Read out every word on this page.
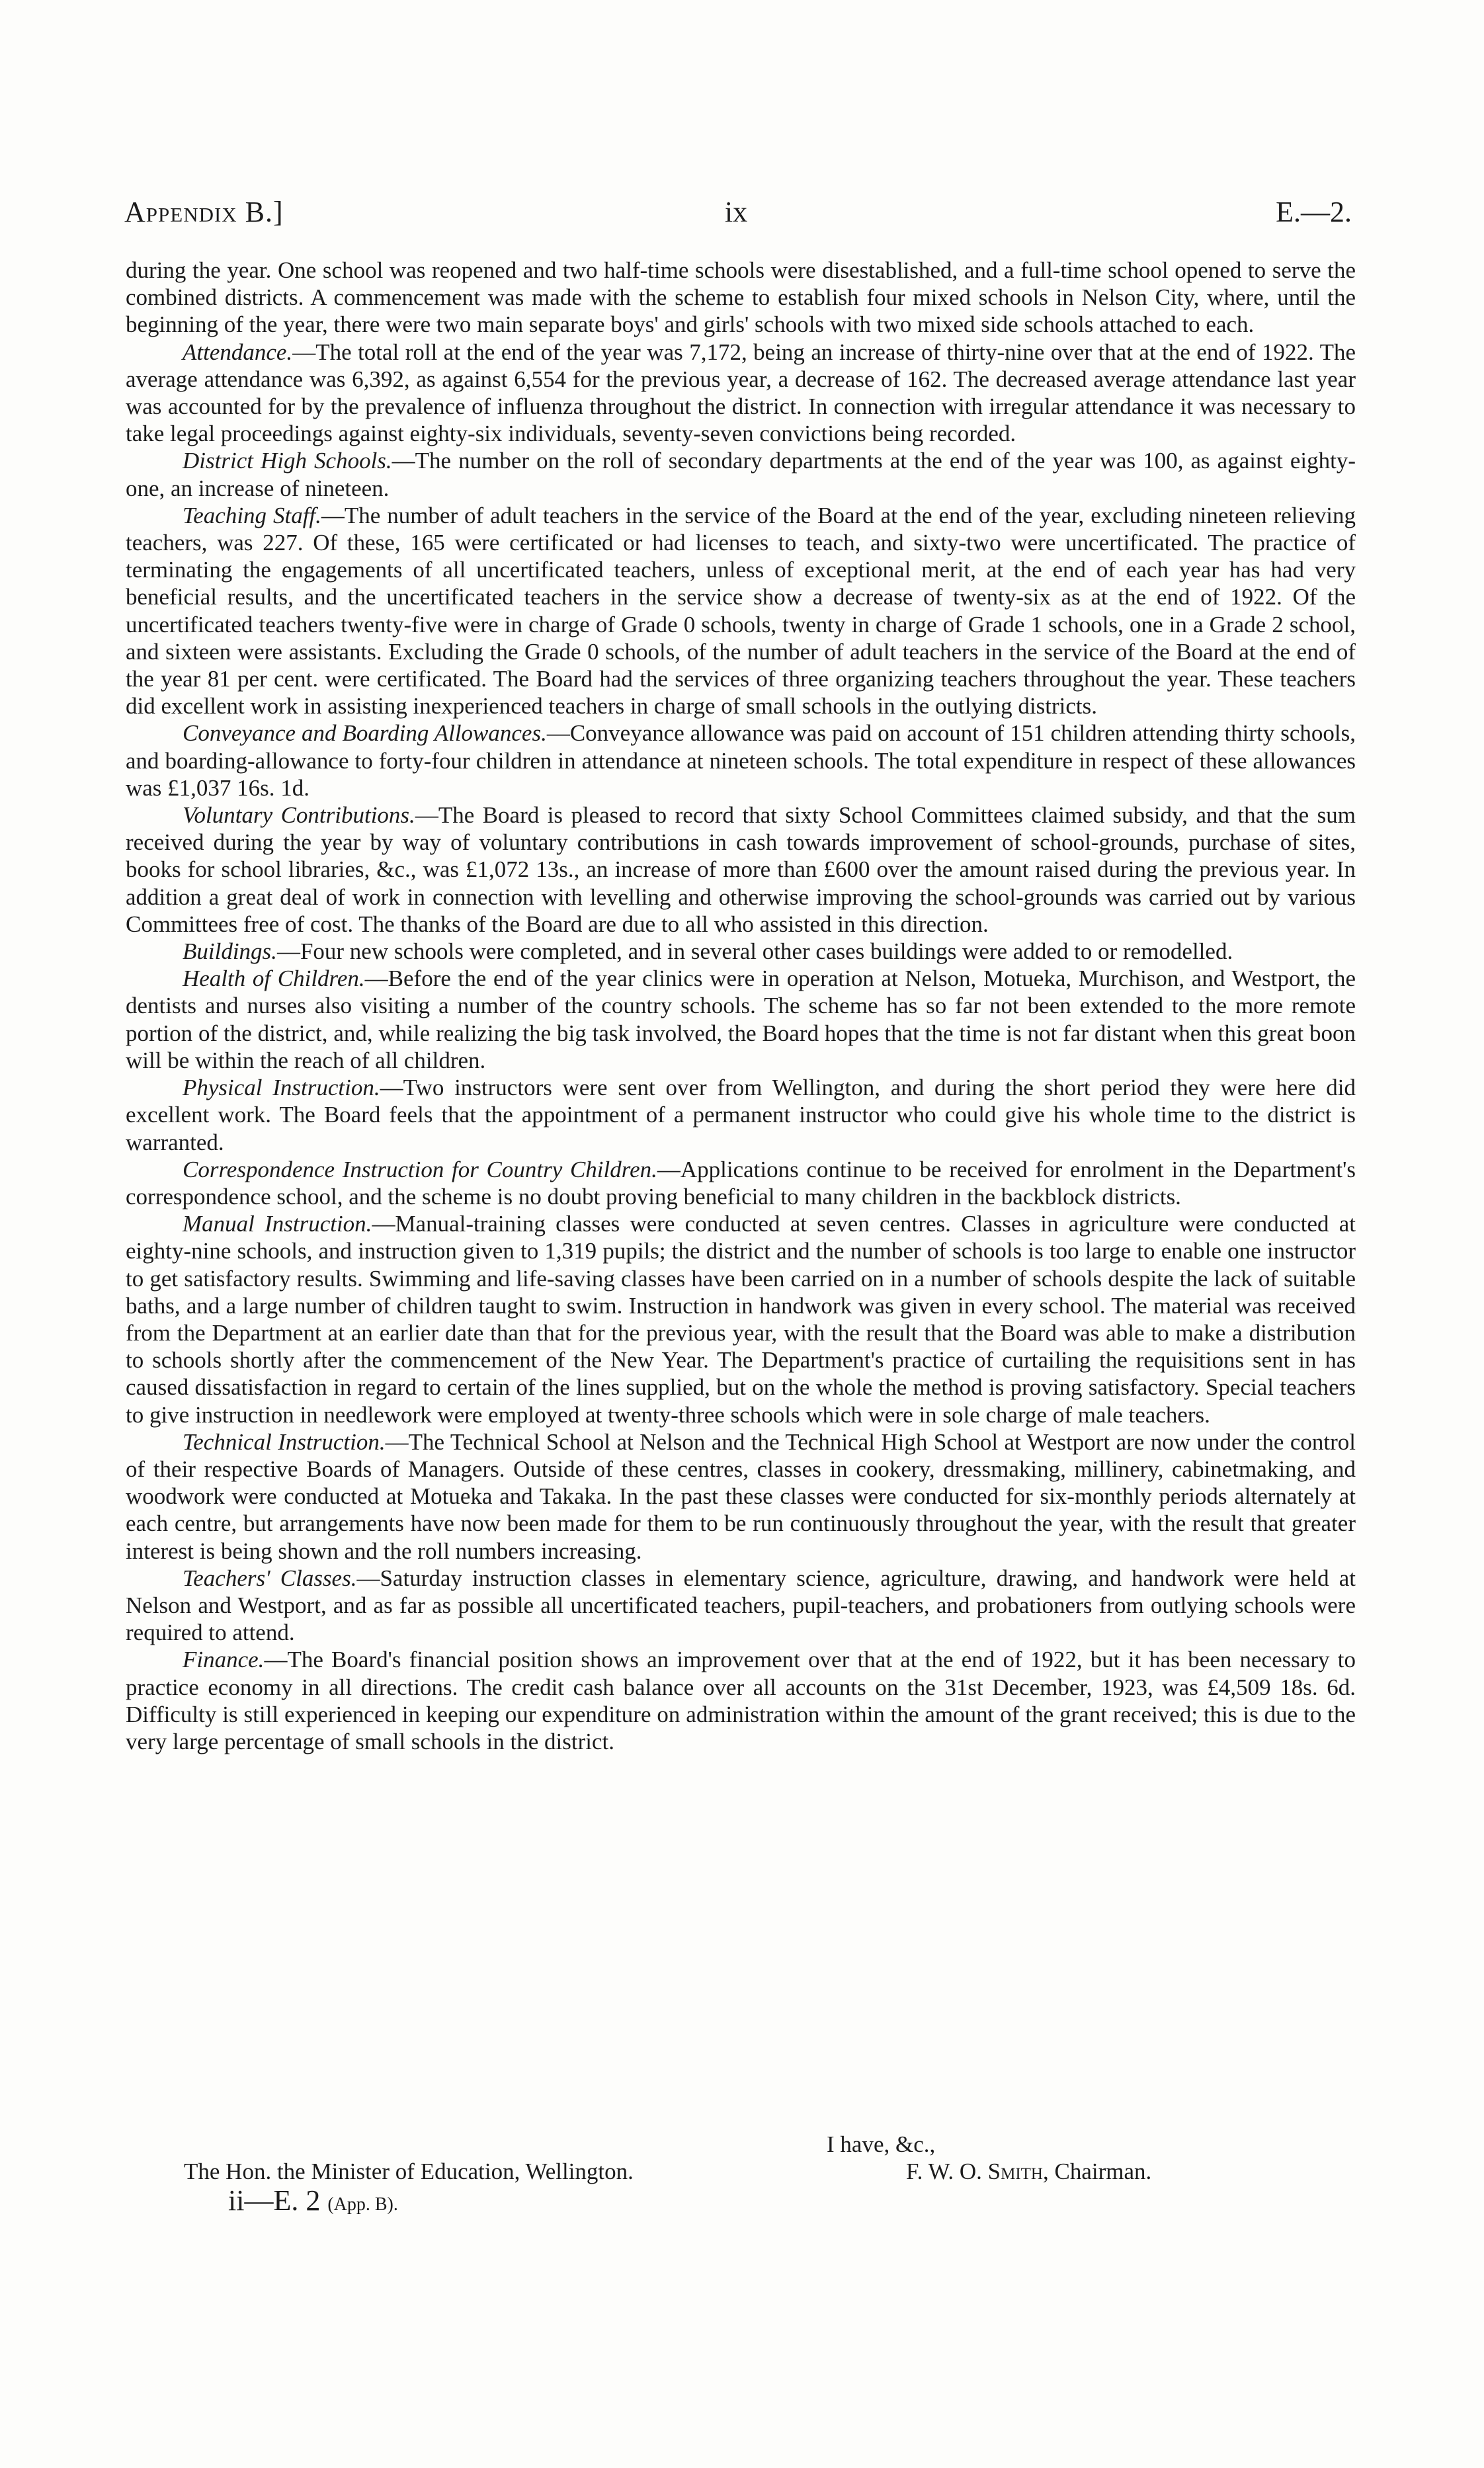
Appendix B.]	ix	E.—2.

during the year. One school was reopened and two half-time schools were disestablished, and a full-time school opened to serve the combined districts. A commencement was made with the scheme to establish four mixed schools in Nelson City, where, until the beginning of the year, there were two main separate boys' and girls' schools with two mixed side schools attached to each.

Attendance.—The total roll at the end of the year was 7,172, being an increase of thirty-nine over that at the end of 1922. The average attendance was 6,392, as against 6,554 for the previous year, a decrease of 162. The decreased average attendance last year was accounted for by the prevalence of influenza throughout the district. In connection with irregular attendance it was necessary to take legal proceedings against eighty-six individuals, seventy-seven convictions being recorded.

District High Schools.—The number on the roll of secondary departments at the end of the year was 100, as against eighty-one, an increase of nineteen.

Teaching Staff.—The number of adult teachers in the service of the Board at the end of the year, excluding nineteen relieving teachers, was 227. Of these, 165 were certificated or had licenses to teach, and sixty-two were uncertificated. The practice of terminating the engagements of all uncertificated teachers, unless of exceptional merit, at the end of each year has had very beneficial results, and the uncertificated teachers in the service show a decrease of twenty-six as at the end of 1922. Of the uncertificated teachers twenty-five were in charge of Grade 0 schools, twenty in charge of Grade 1 schools, one in a Grade 2 school, and sixteen were assistants. Excluding the Grade 0 schools, of the number of adult teachers in the service of the Board at the end of the year 81 per cent. were certificated. The Board had the services of three organizing teachers throughout the year. These teachers did excellent work in assisting inexperienced teachers in charge of small schools in the outlying districts.

Conveyance and Boarding Allowances.—Conveyance allowance was paid on account of 151 children attending thirty schools, and boarding-allowance to forty-four children in attendance at nineteen schools. The total expenditure in respect of these allowances was £1,037 16s. 1d.

Voluntary Contributions.—The Board is pleased to record that sixty School Committees claimed subsidy, and that the sum received during the year by way of voluntary contributions in cash towards improvement of school-grounds, purchase of sites, books for school libraries, &c., was £1,072 13s., an increase of more than £600 over the amount raised during the previous year. In addition a great deal of work in connection with levelling and otherwise improving the school-grounds was carried out by various Committees free of cost. The thanks of the Board are due to all who assisted in this direction.

Buildings.—Four new schools were completed, and in several other cases buildings were added to or remodelled.

Health of Children.—Before the end of the year clinics were in operation at Nelson, Motueka, Murchison, and Westport, the dentists and nurses also visiting a number of the country schools. The scheme has so far not been extended to the more remote portion of the district, and, while realizing the big task involved, the Board hopes that the time is not far distant when this great boon will be within the reach of all children.

Physical Instruction.—Two instructors were sent over from Wellington, and during the short period they were here did excellent work. The Board feels that the appointment of a permanent instructor who could give his whole time to the district is warranted.

Correspondence Instruction for Country Children.—Applications continue to be received for enrolment in the Department's correspondence school, and the scheme is no doubt proving beneficial to many children in the backblock districts.

Manual Instruction.—Manual-training classes were conducted at seven centres. Classes in agriculture were conducted at eighty-nine schools, and instruction given to 1,319 pupils; the district and the number of schools is too large to enable one instructor to get satisfactory results. Swimming and life-saving classes have been carried on in a number of schools despite the lack of suitable baths, and a large number of children taught to swim. Instruction in handwork was given in every school. The material was received from the Department at an earlier date than that for the previous year, with the result that the Board was able to make a distribution to schools shortly after the commencement of the New Year. The Department's practice of curtailing the requisitions sent in has caused dissatisfaction in regard to certain of the lines supplied, but on the whole the method is proving satisfactory. Special teachers to give instruction in needlework were employed at twenty-three schools which were in sole charge of male teachers.

Technical Instruction.—The Technical School at Nelson and the Technical High School at Westport are now under the control of their respective Boards of Managers. Outside of these centres, classes in cookery, dressmaking, millinery, cabinetmaking, and woodwork were conducted at Motueka and Takaka. In the past these classes were conducted for six-monthly periods alternately at each centre, but arrangements have now been made for them to be run continuously throughout the year, with the result that greater interest is being shown and the roll numbers increasing.

Teachers' Classes.—Saturday instruction classes in elementary science, agriculture, drawing, and handwork were held at Nelson and Westport, and as far as possible all uncertificated teachers, pupil-teachers, and probationers from outlying schools were required to attend.

Finance.—The Board's financial position shows an improvement over that at the end of 1922, but it has been necessary to practice economy in all directions. The credit cash balance over all accounts on the 31st December, 1923, was £4,509 18s. 6d. Difficulty is still experienced in keeping our expenditure on administration within the amount of the grant received; this is due to the very large percentage of small schools in the district.

I have, &c.,
The Hon. the Minister of Education, Wellington.	F. W. O. Smith, Chairman.
ii—E. 2 (App. B).
